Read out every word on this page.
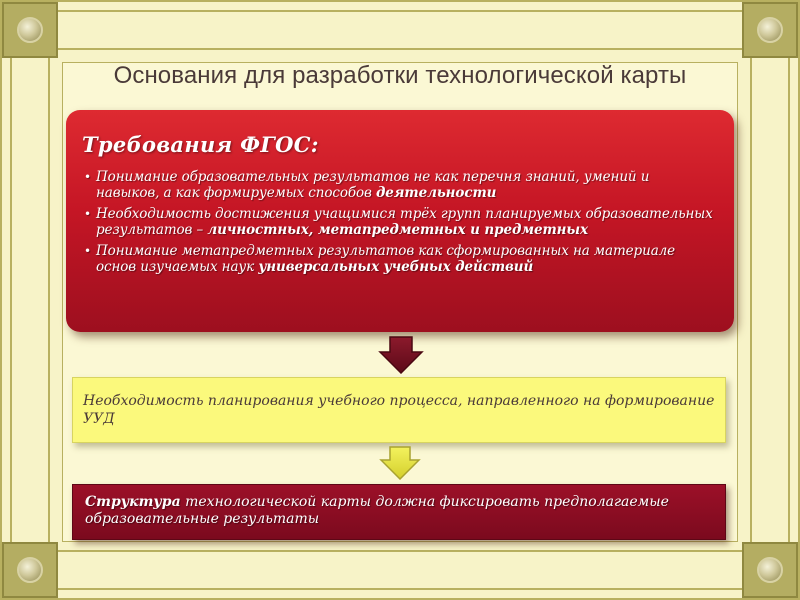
Основания для разработки технологической карты
Требования ФГОС:
• Понимание образовательных результатов не как перечня знаний, умений и навыков, а как формируемых способов деятельности
• Необходимость достижения учащимися трёх групп планируемых образовательных результатов – личностных, метапредметных и предметных
• Понимание метапредметных результатов как сформированных на материале основ изучаемых наук универсальных учебных действий
Необходимость планирования учебного процесса, направленного на формирование УУД
Структура технологической карты должна фиксировать предполагаемые образовательные результаты
